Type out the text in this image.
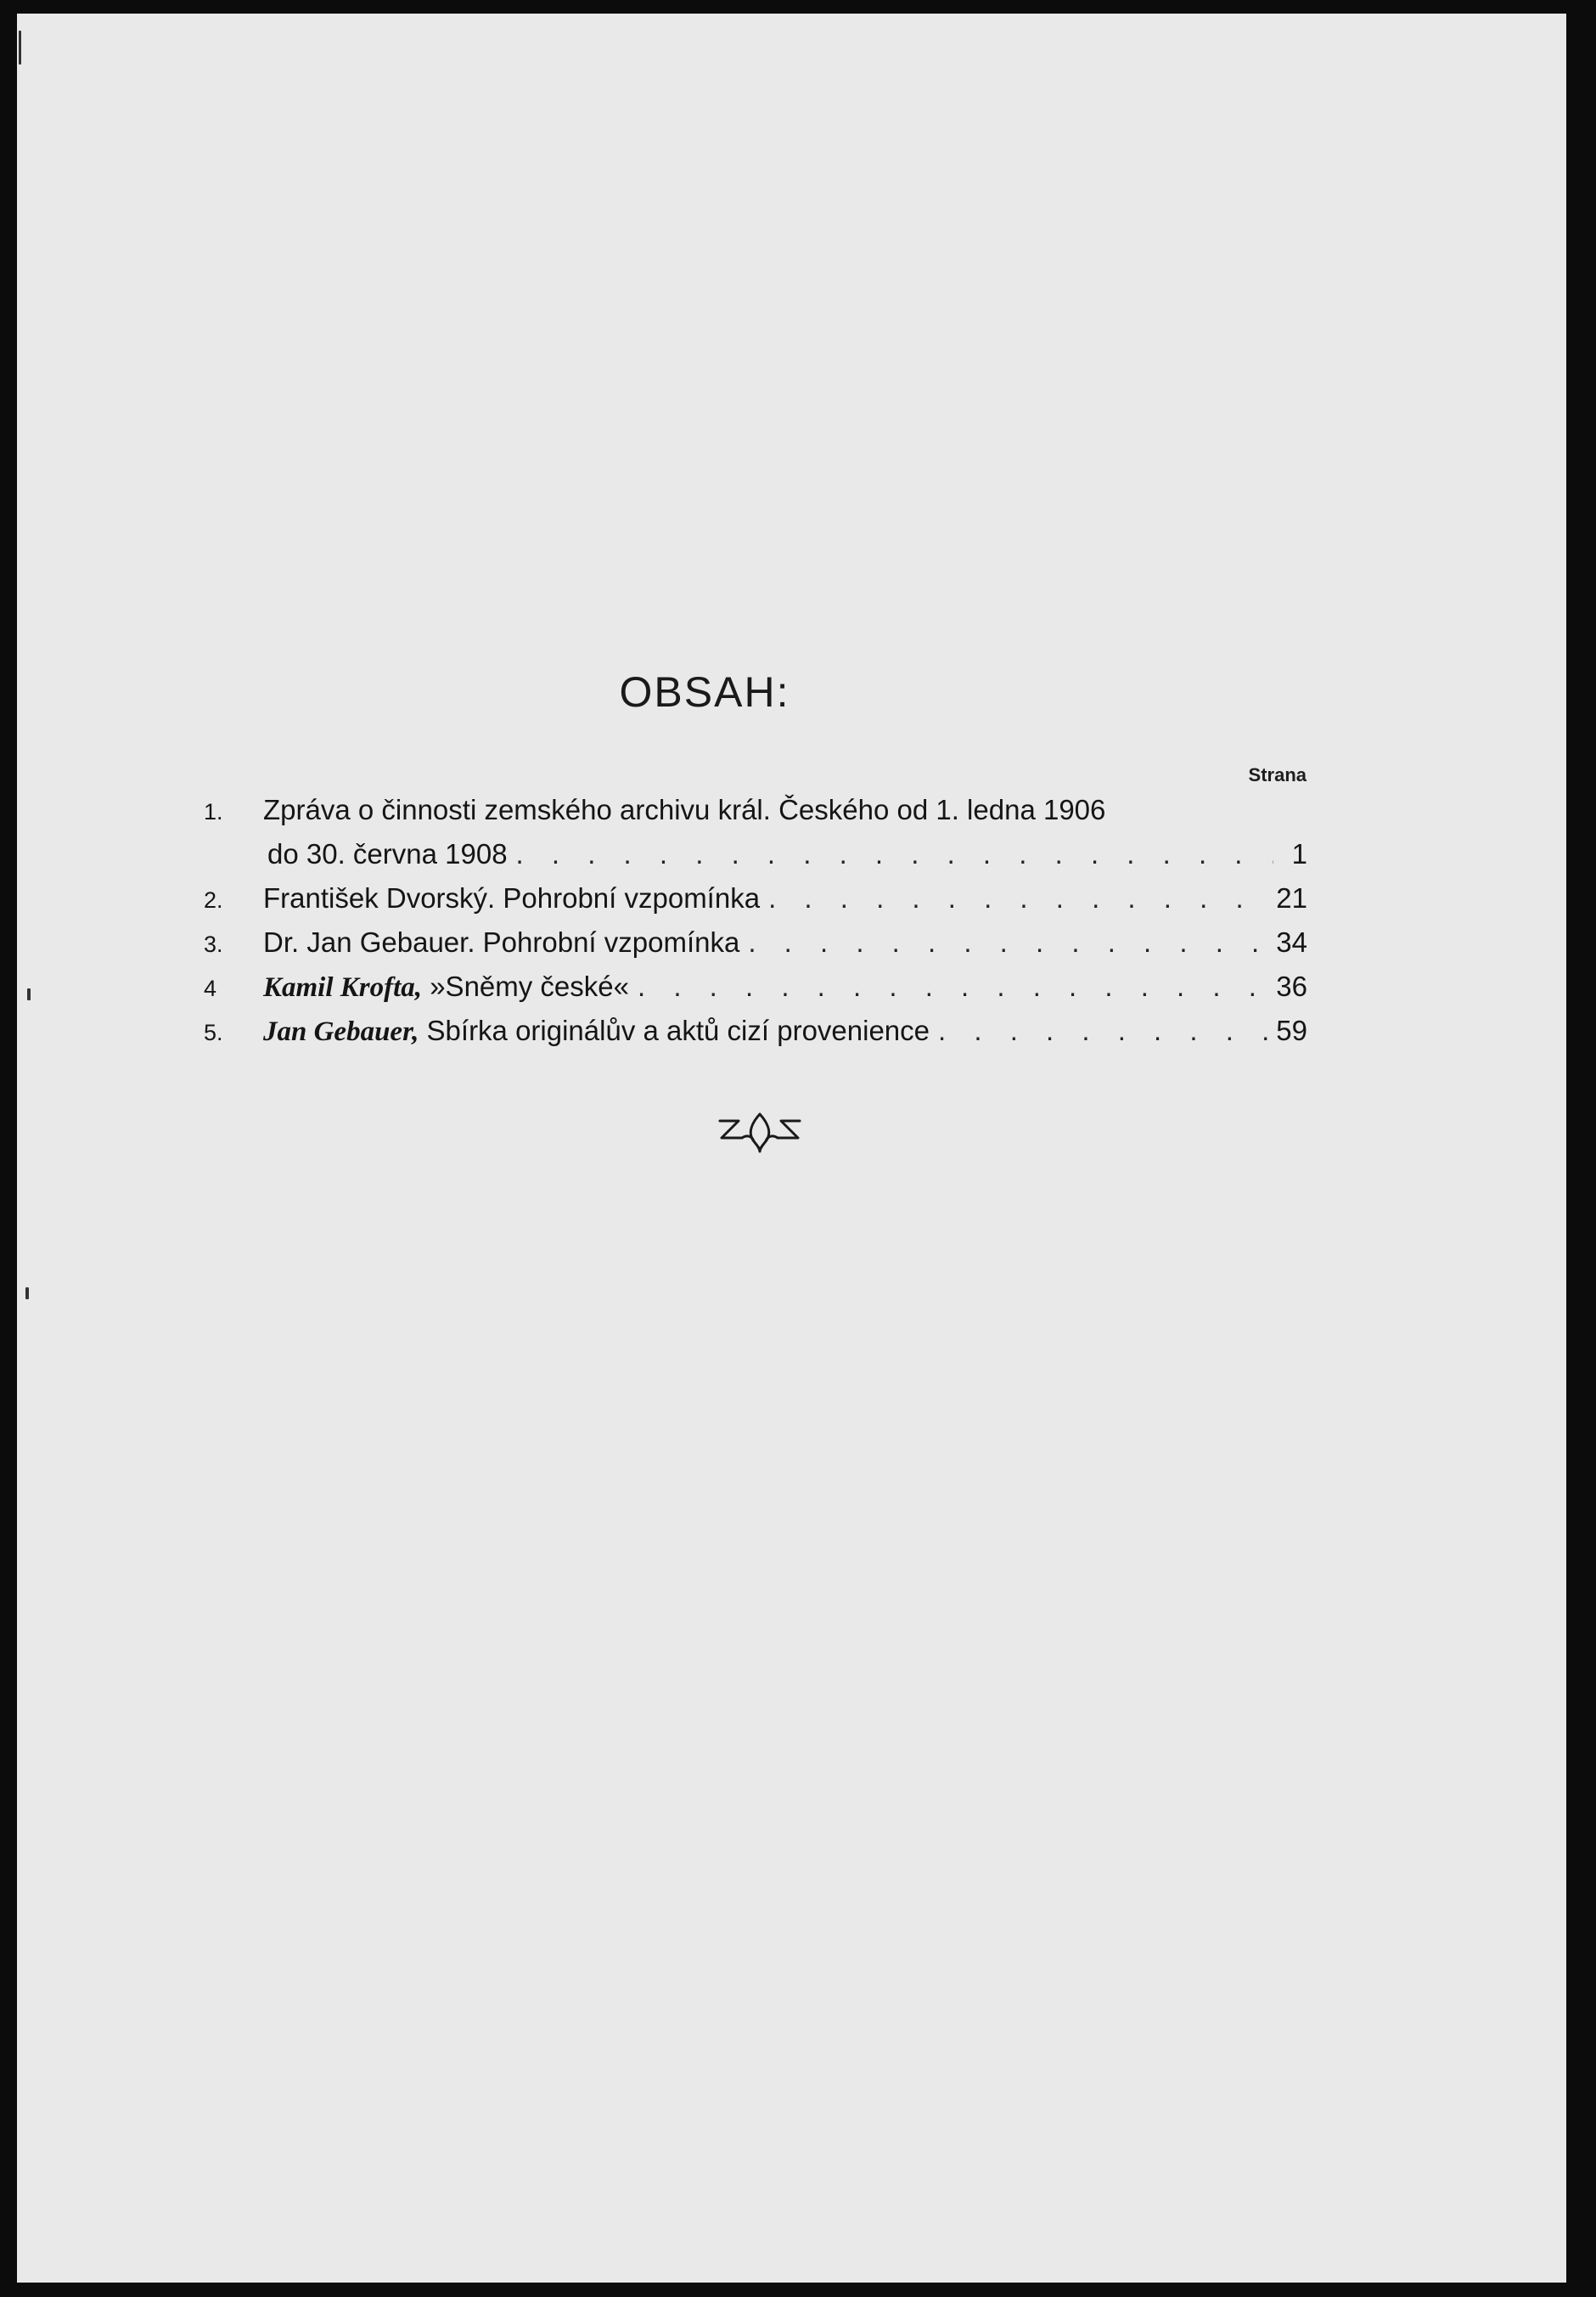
OBSAH:
Strana
1.	Zpráva o činnosti zemského archivu král. Českého od 1. ledna 1906
do 30. června 1908 . . .	1
2.	František Dvorský. Pohrobní vzpomínka . . .	21
3.	Dr. Jan Gebauer. Pohrobní vzpomínka . . .	34
4	Kamil Krofta, »Sněmy české« . . .	36
5.	Jan Gebauer, Sbírka originálův a aktů cizí provenience . . .	59
